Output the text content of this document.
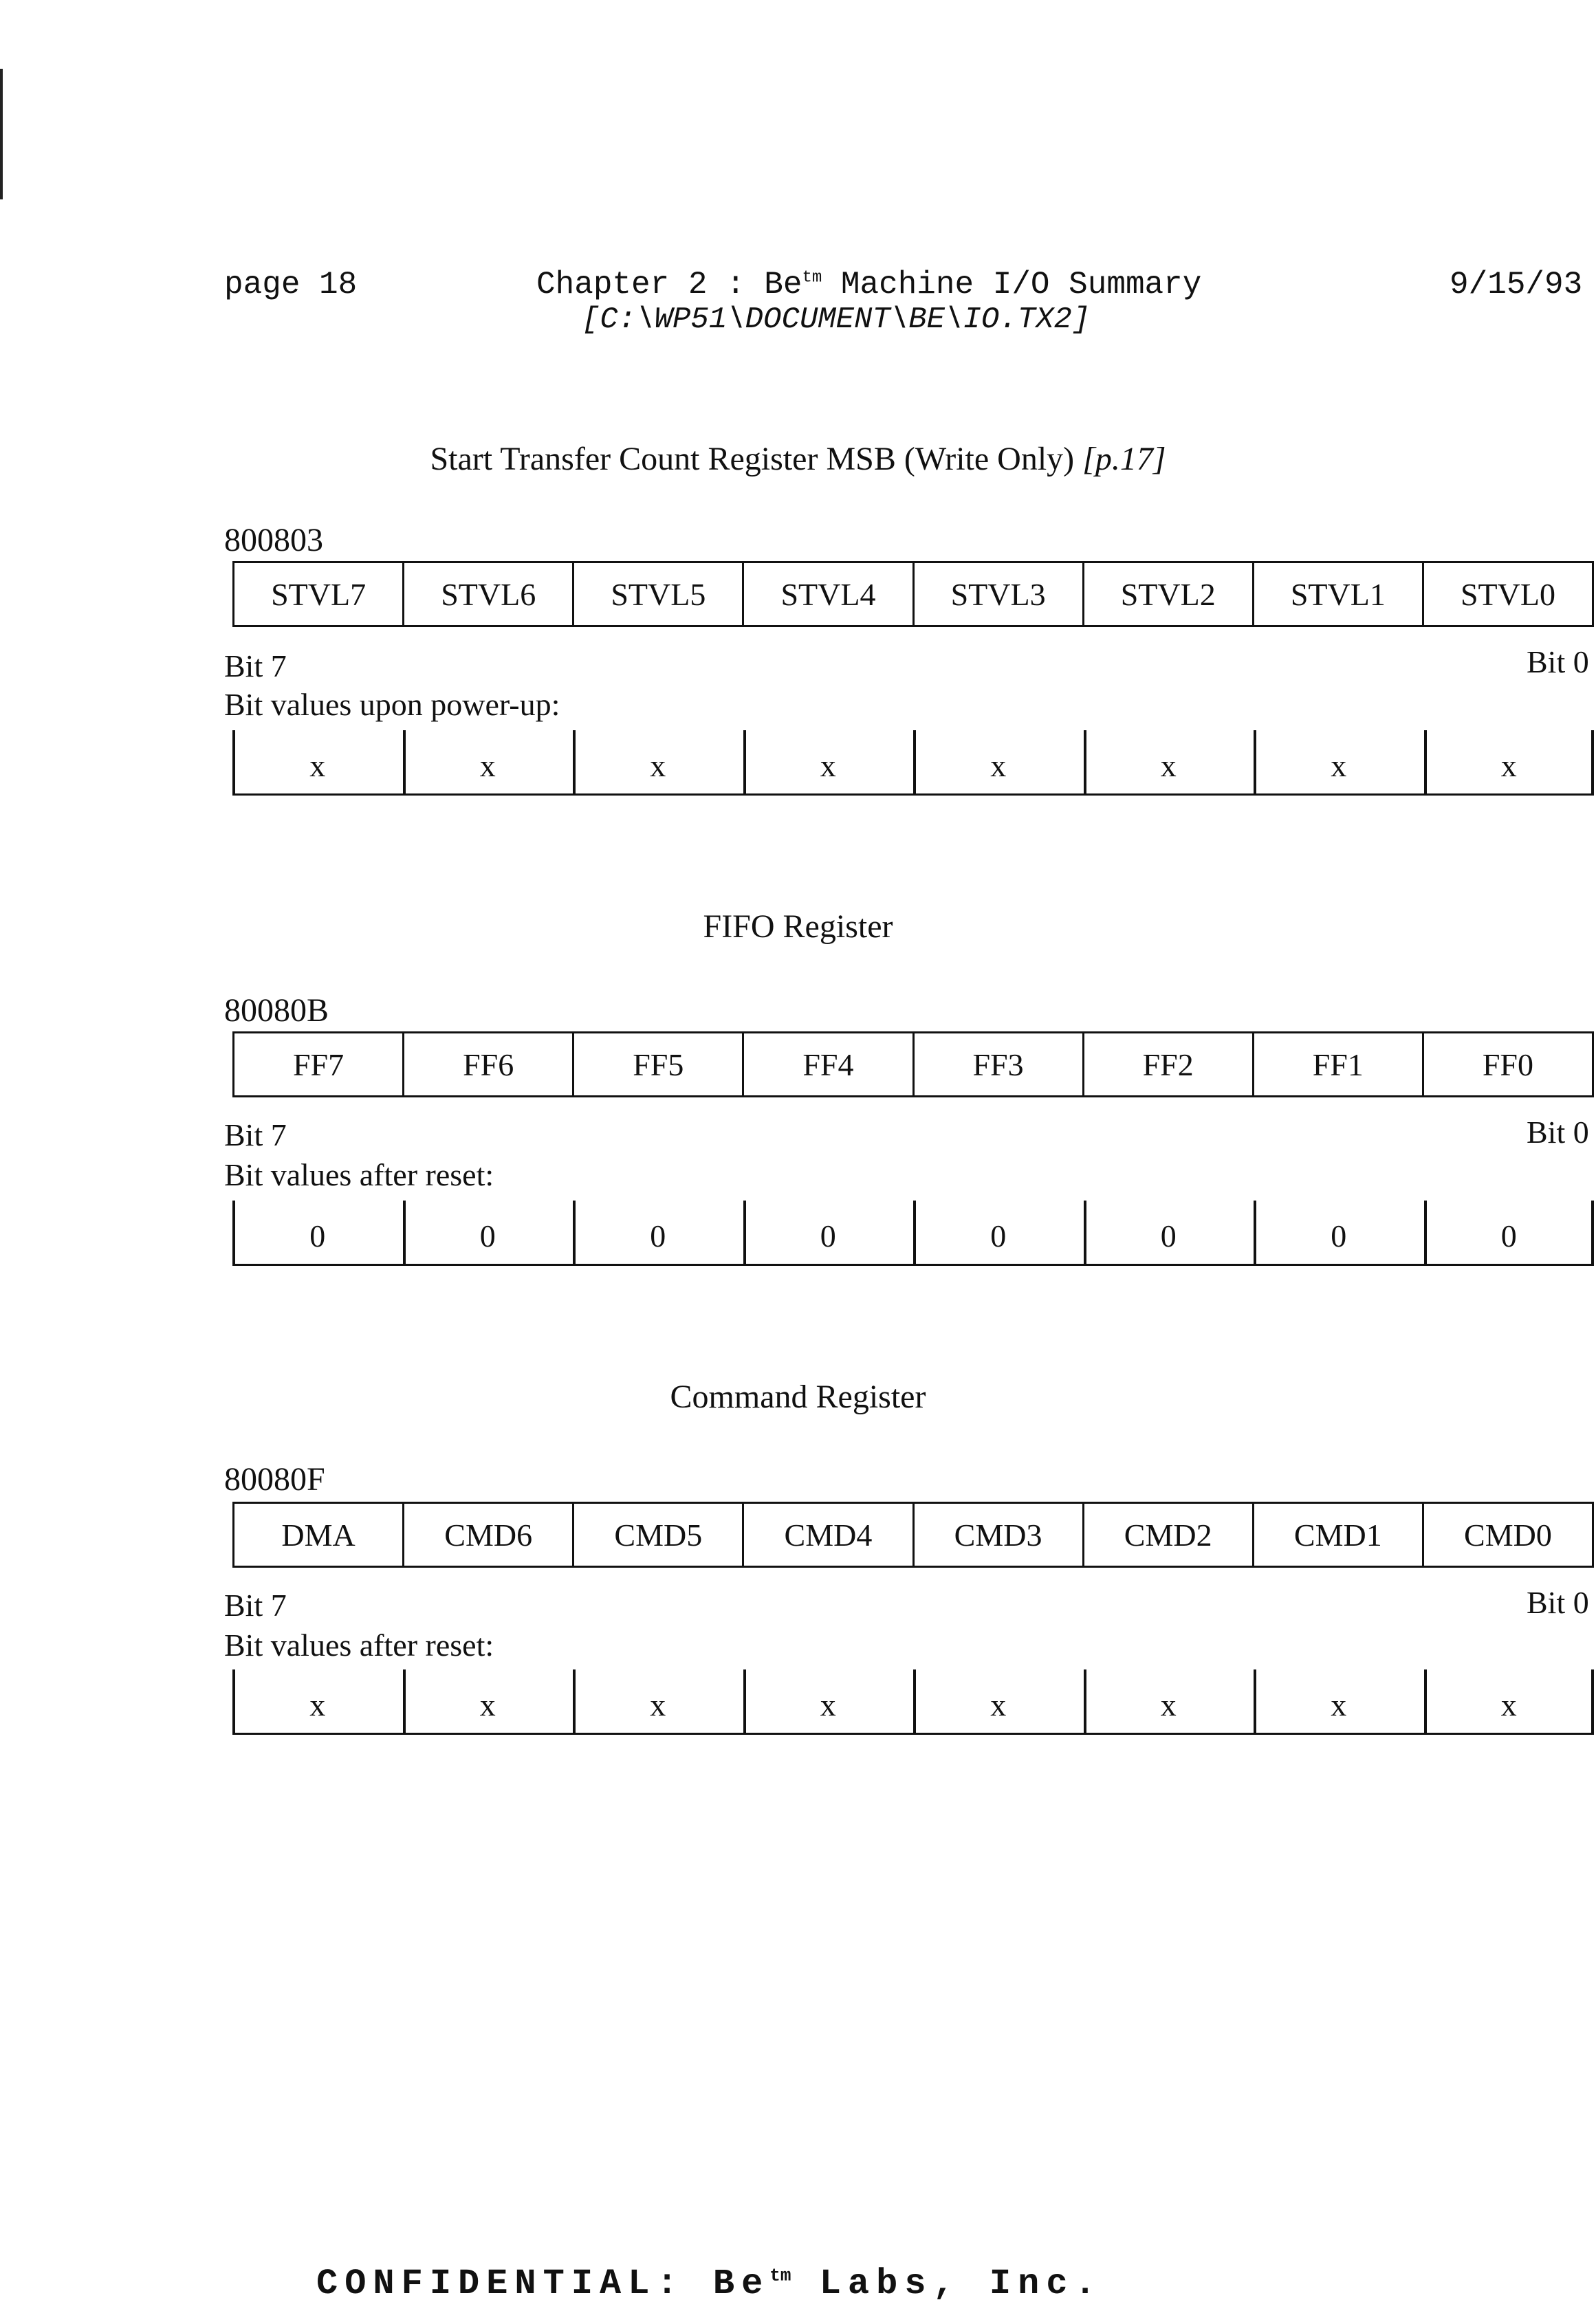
page 18	Chapter 2 : $Be^{tm}$ Machine I/O Summary	9/15/93
[C:\WP51\DOCUMENT\BE\IO.TX2]
Start Transfer Count Register MSB (Write Only) [p.17]
800803
STVL7	STVL6	STVL5	STVL4	STVL3	STVL2	STVL1	STVL0
Bit 7	Bit 0
Bit values upon power-up:
x	x	x	x	x	x	x	x
FIFO Register
80080B
FF7	FF6	FF5	FF4	FF3	FF2	FF1	FF0
Bit 7	Bit 0
Bit values after reset:
0	0	0	0	0	0	0	0
Command Register
80080F
DMA	CMD6	CMD5	CMD4	CMD3	CMD2	CMD1	CMD0
Bit 7	Bit 0
Bit values after reset:
x	x	x	x	x	x	x	x
CONFIDENTIAL: $Be^{tm}$ Labs, Inc.
